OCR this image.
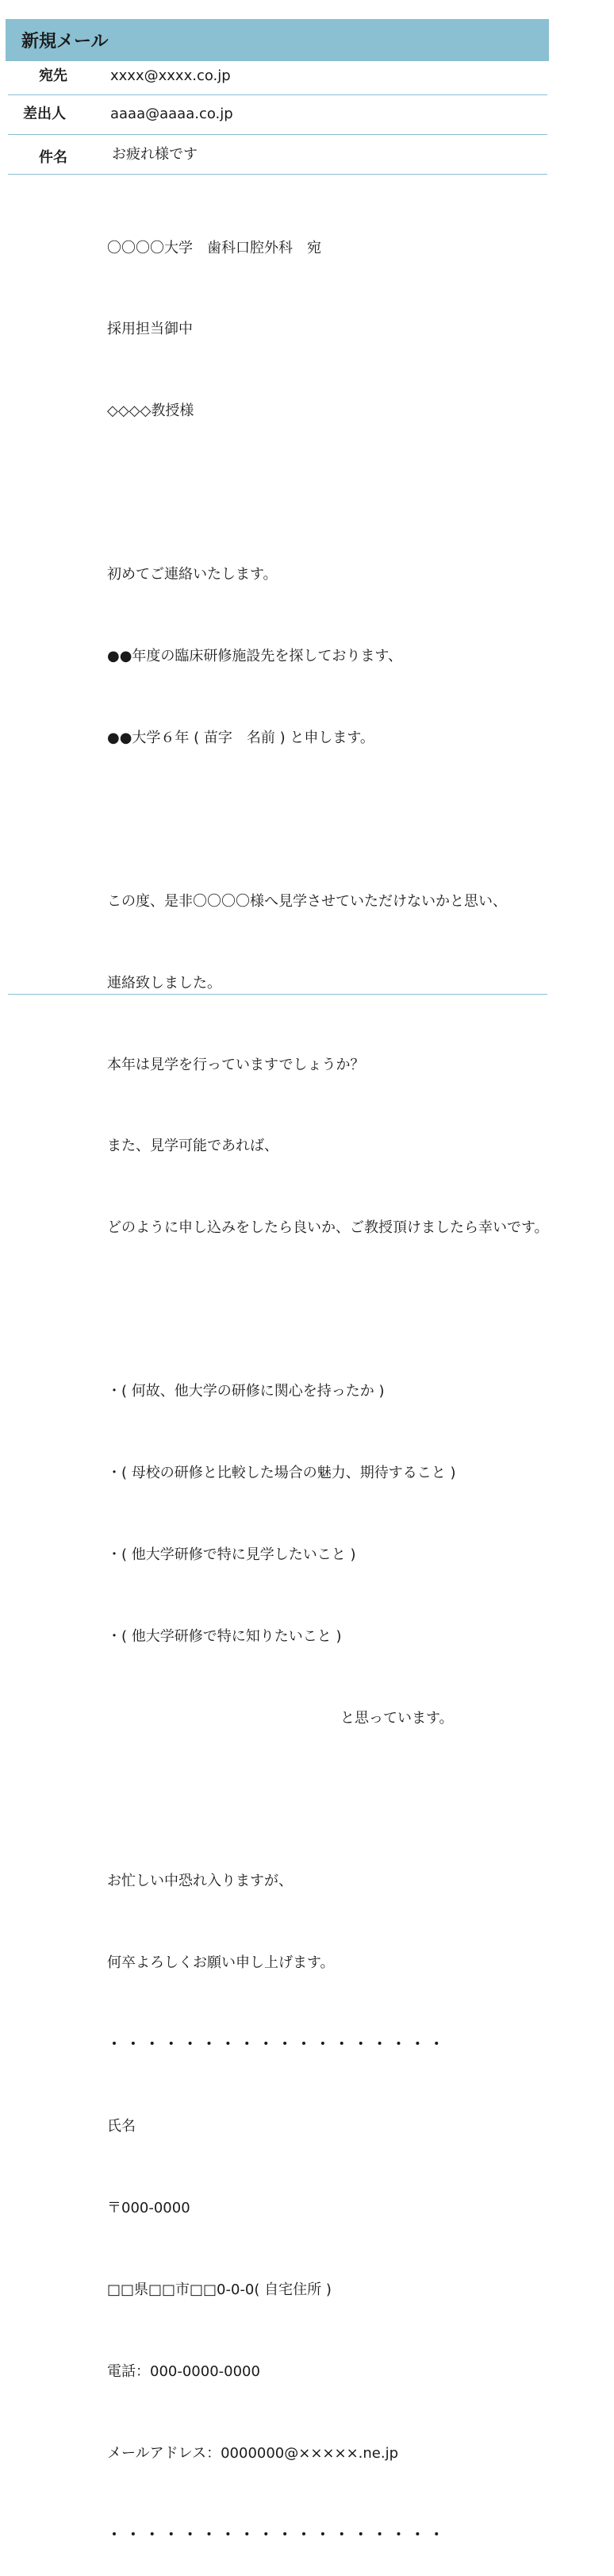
新規メール
宛先	xxxx@xxxx.co.jp
差出人	aaaa@aaaa.co.jp
件名	お疲れ様です

〇〇〇〇大学　歯科口腔外科　宛

採用担当御中

◇◇◇◇教授様

初めてご連絡いたします。

●●年度の臨床研修施設先を探しております、

●●大学６年 ( 苗字　名前 ) と申します。

この度、是非〇〇〇〇様へ見学させていただけないかと思い、

連絡致しました。

本年は見学を行っていますでしょうか？

また、見学可能であれば、

どのように申し込みをしたら良いか、ご教授頂けましたら幸いです。

・( 何故、他大学の研修に関心を持ったか )

・( 母校の研修と比較した場合の魅力、期待すること )

・( 他大学研修で特に見学したいこと )

・( 他大学研修で特に知りたいこと )

と思っています。

お忙しい中恐れ入りますが、

何卒よろしくお願い申し上げます。

・・・・・・・・・・・・・・・・・・

氏名

〒000‐0000

□□県□□市□□0‐0‐0( 自宅住所 )

電話：000-0000-0000

メールアドレス：0000000@×××××.ne.jp

・・・・・・・・・・・・・・・・・・
